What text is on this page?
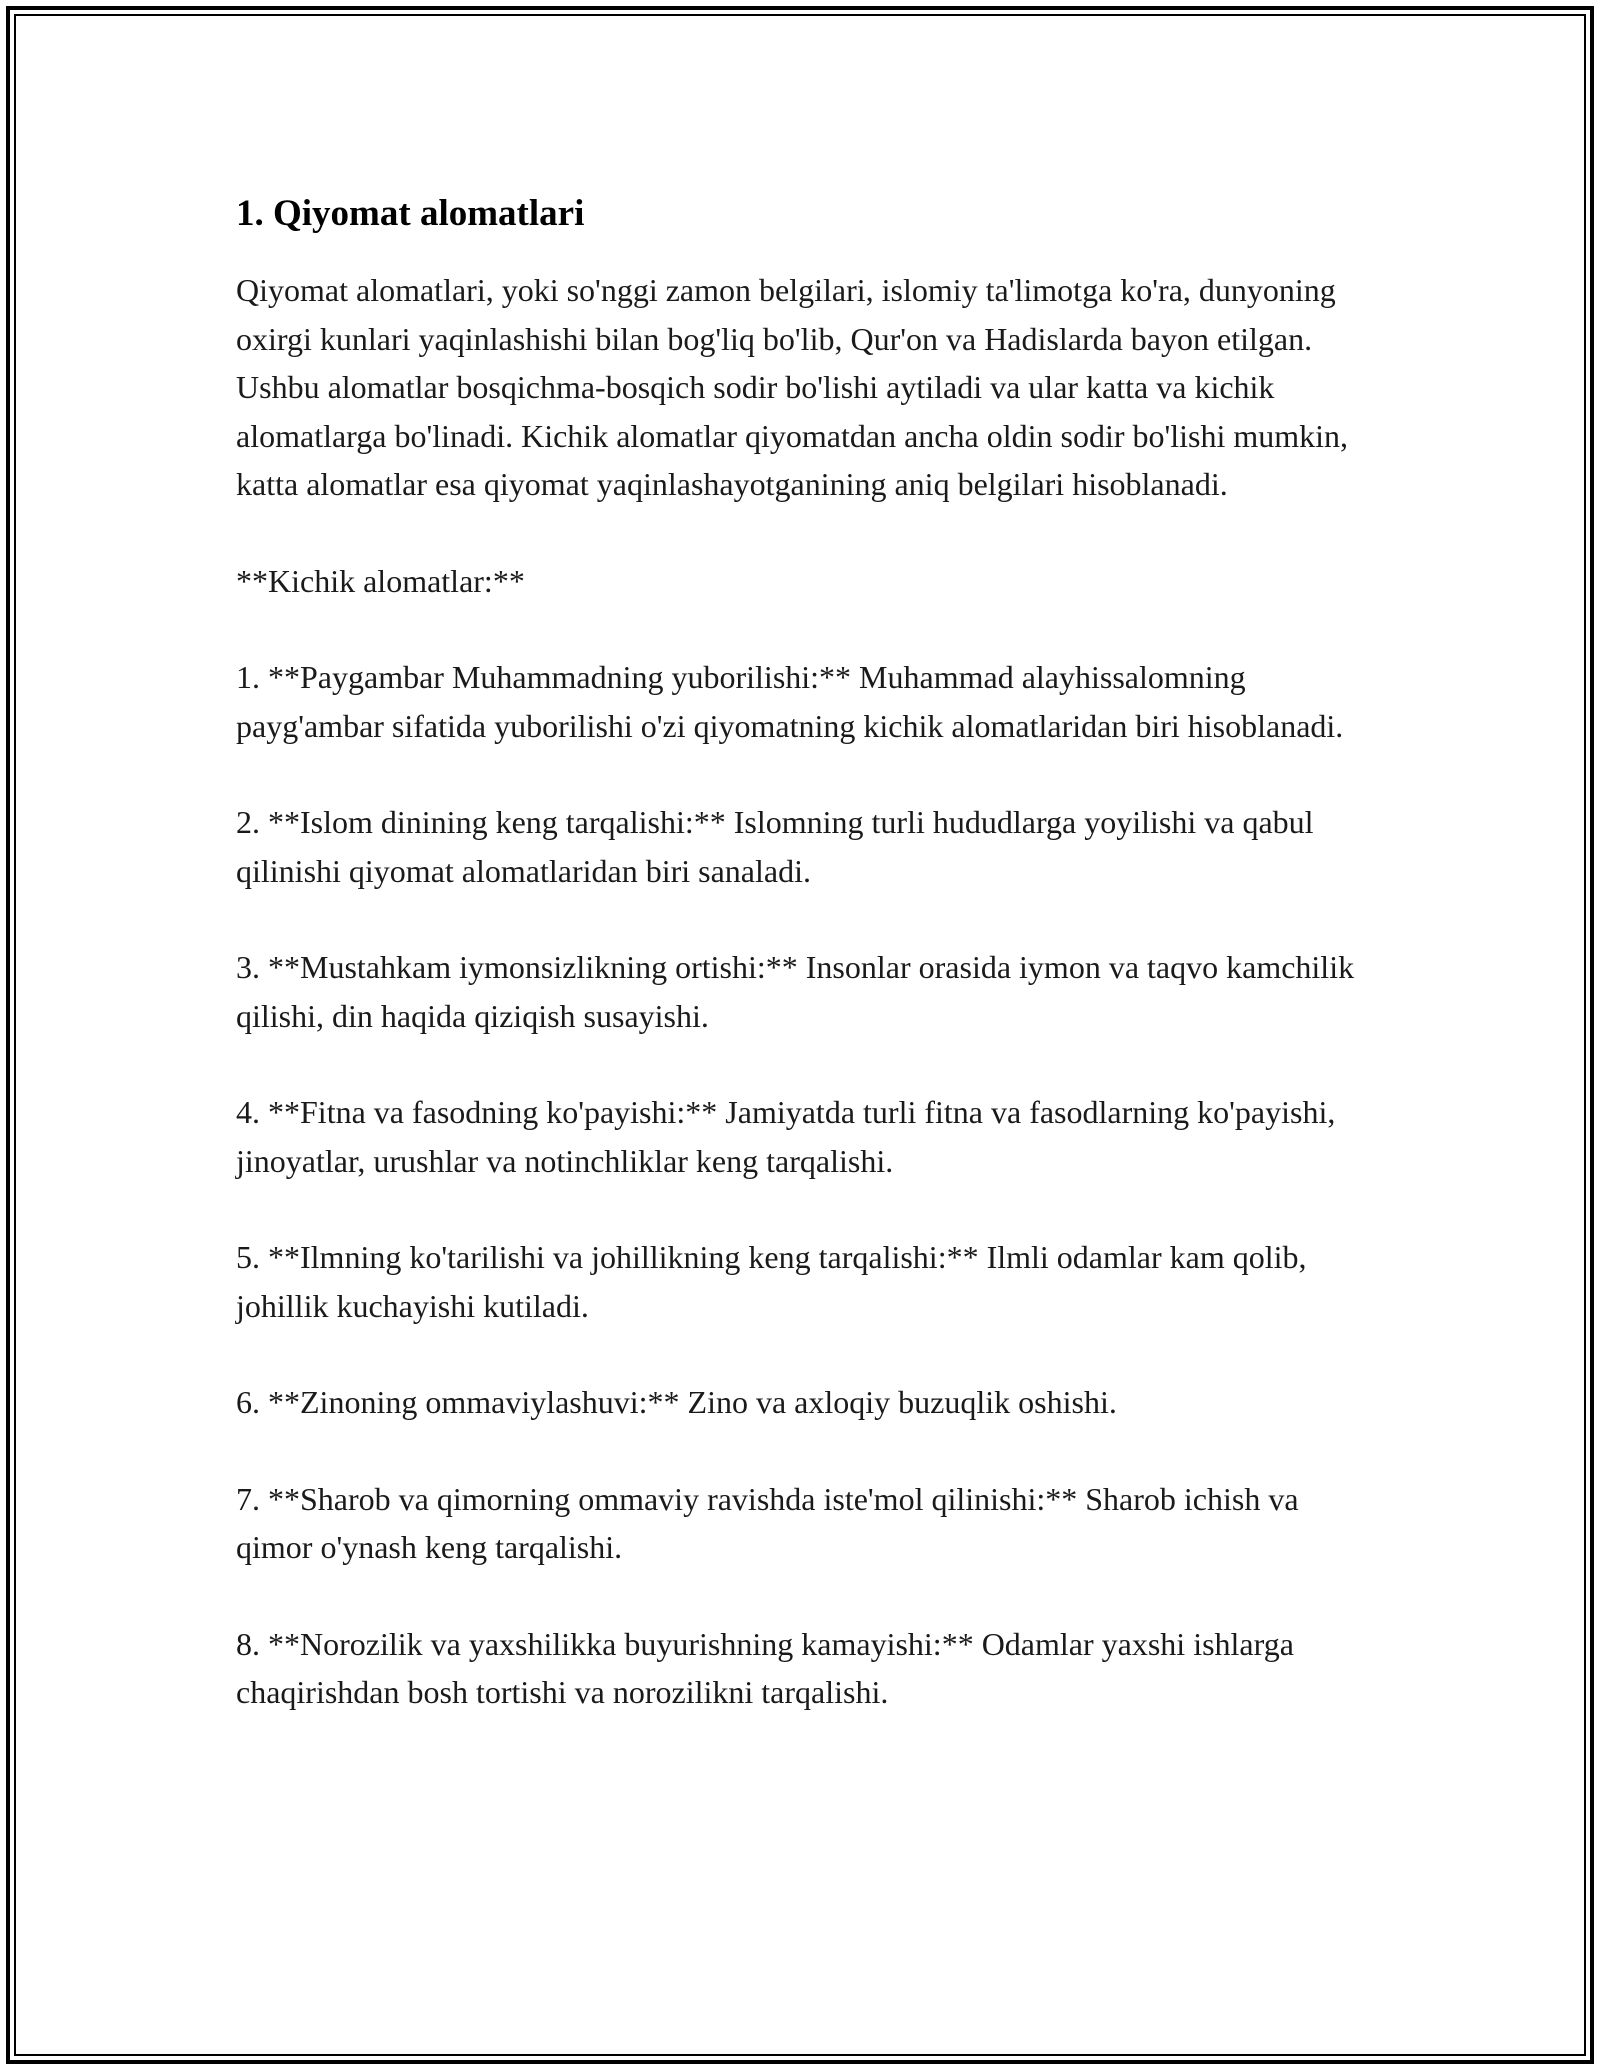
1. Qiyomat alomatlari

Qiyomat alomatlari, yoki so'nggi zamon belgilari, islomiy ta'limotga ko'ra, dunyoning oxirgi kunlari yaqinlashishi bilan bog'liq bo'lib, Qur'on va Hadislarda bayon etilgan. Ushbu alomatlar bosqichma-bosqich sodir bo'lishi aytiladi va ular katta va kichik alomatlarga bo'linadi. Kichik alomatlar qiyomatdan ancha oldin sodir bo'lishi mumkin, katta alomatlar esa qiyomat yaqinlashayotganining aniq belgilari hisoblanadi.

**Kichik alomatlar:**

1. **Paygambar Muhammadning yuborilishi:** Muhammad alayhissalomning payg'ambar sifatida yuborilishi o'zi qiyomatning kichik alomatlaridan biri hisoblanadi.

2. **Islom dinining keng tarqalishi:** Islomning turli hududlarga yoyilishi va qabul qilinishi qiyomat alomatlaridan biri sanaladi.

3. **Mustahkam iymonsizlikning ortishi:** Insonlar orasida iymon va taqvo kamchilik qilishi, din haqida qiziqish susayishi.

4. **Fitna va fasodning ko'payishi:** Jamiyatda turli fitna va fasodlarning ko'payishi, jinoyatlar, urushlar va notinchliklar keng tarqalishi.

5. **Ilmning ko'tarilishi va johillikning keng tarqalishi:** Ilmli odamlar kam qolib, johillik kuchayishi kutiladi.

6. **Zinoning ommaviylashuvi:** Zino va axloqiy buzuqlik oshishi.

7. **Sharob va qimorning ommaviy ravishda iste'mol qilinishi:** Sharob ichish va qimor o'ynash keng tarqalishi.

8. **Norozilik va yaxshilikka buyurishning kamayishi:** Odamlar yaxshi ishlarga chaqirishdan bosh tortishi va norozilikni tarqalishi.
